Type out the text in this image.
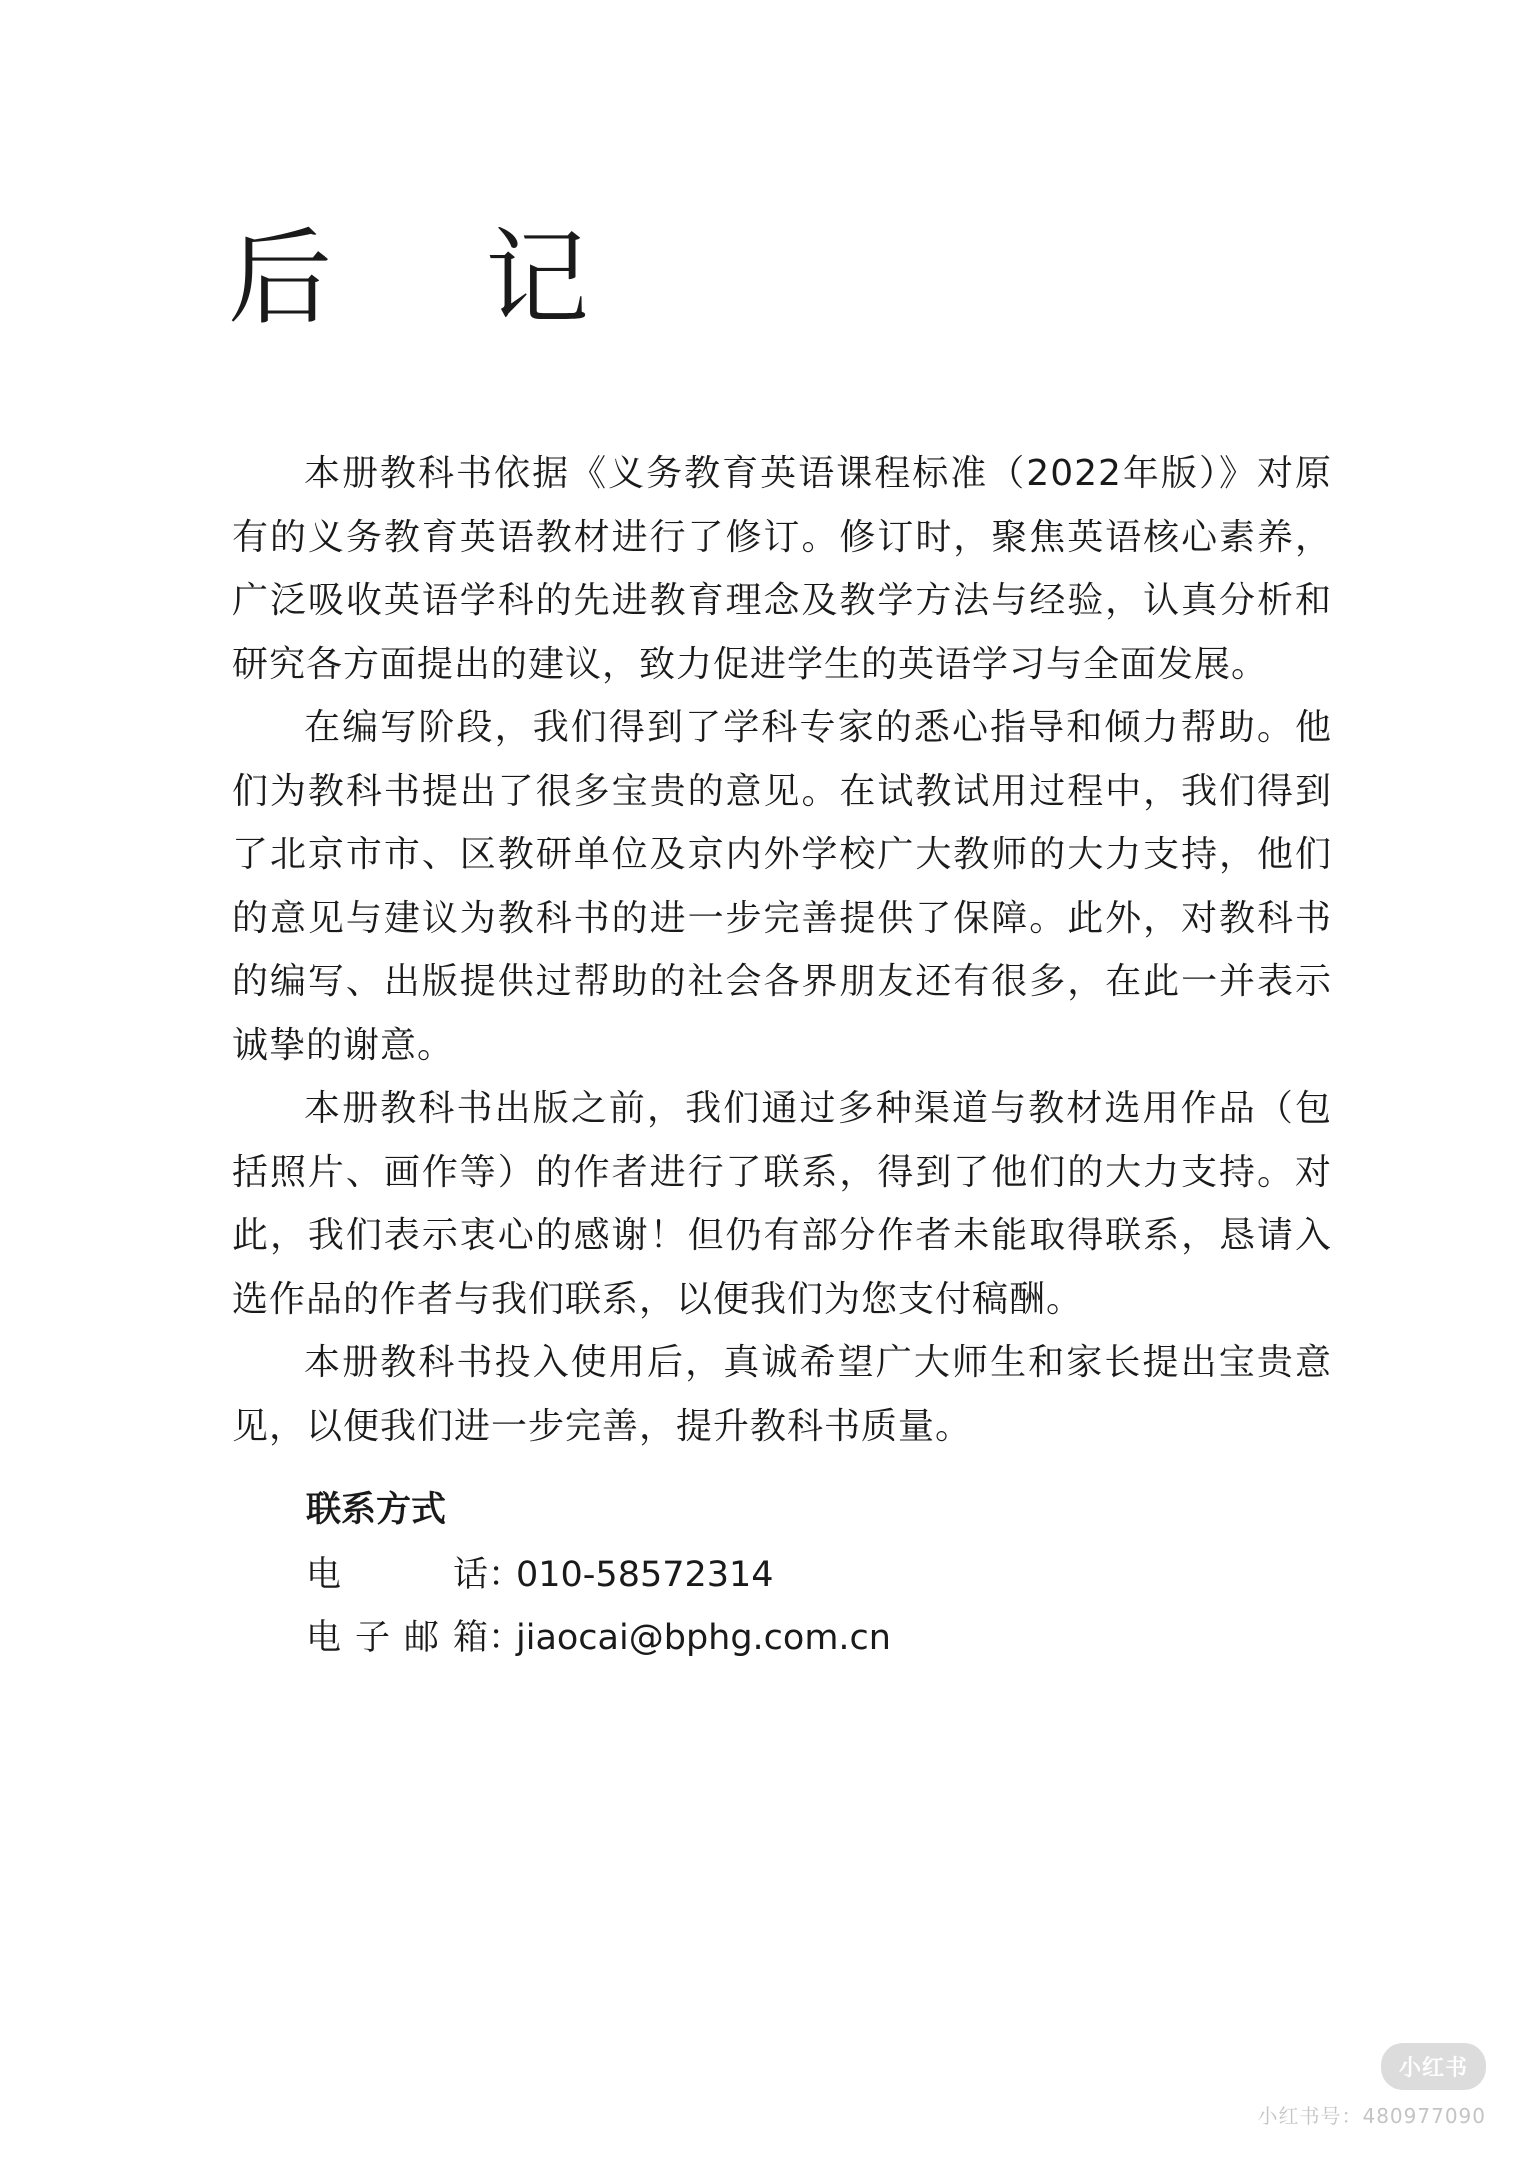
后 记

本册教科书依据《义务教育英语课程标准（2022年版）》对原有的义务教育英语教材进行了修订。修订时，聚焦英语核心素养，广泛吸收英语学科的先进教育理念及教学方法与经验，认真分析和研究各方面提出的建议，致力促进学生的英语学习与全面发展。

在编写阶段，我们得到了学科专家的悉心指导和倾力帮助。他们为教科书提出了很多宝贵的意见。在试教试用过程中，我们得到了北京市市、区教研单位及京内外学校广大教师的大力支持，他们的意见与建议为教科书的进一步完善提供了保障。此外，对教科书的编写、出版提供过帮助的社会各界朋友还有很多，在此一并表示诚挚的谢意。

本册教科书出版之前，我们通过多种渠道与教材选用作品（包括照片、画作等）的作者进行了联系，得到了他们的大力支持。对此，我们表示衷心的感谢！但仍有部分作者未能取得联系，恳请入选作品的作者与我们联系，以便我们为您支付稿酬。

本册教科书投入使用后，真诚希望广大师生和家长提出宝贵意见，以便我们进一步完善，提升教科书质量。

联系方式

电话：010-58572314

电子邮箱：jiaocai@bphg.com.cn

小红书
小红书号：480977090
